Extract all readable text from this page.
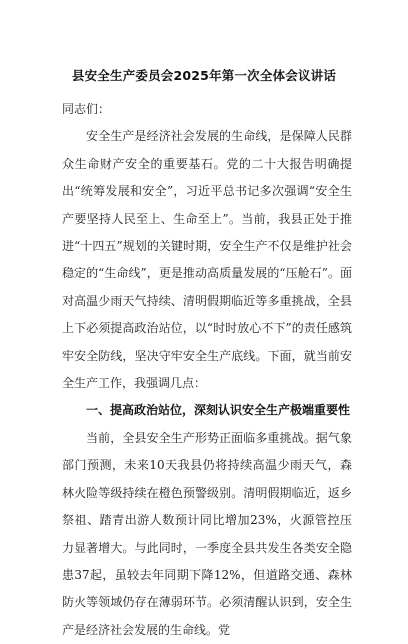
县安全生产委员会2025年第一次全体会议讲话

同志们：

安全生产是经济社会发展的生命线，是保障人民群众生命财产安全的重要基石。党的二十大报告明确提出“统筹发展和安全”，习近平总书记多次强调“安全生产要坚持人民至上、生命至上”。当前，我县正处于推进“十四五”规划的关键时期，安全生产不仅是维护社会稳定的“生命线”，更是推动高质量发展的“压舱石”。面对高温少雨天气持续、清明假期临近等多重挑战，全县上下必须提高政治站位，以“时时放心不下”的责任感筑牢安全防线，坚决守牢安全生产底线。下面，就当前安全生产工作，我强调几点：

一、提高政治站位，深刻认识安全生产极端重要性

当前，全县安全生产形势正面临多重挑战。据气象部门预测，未来10天我县仍将持续高温少雨天气，森林火险等级持续在橙色预警级别。清明假期临近，返乡祭祖、踏青出游人数预计同比增加23%，火源管控压力显著增大。与此同时，一季度全县共发生各类安全隐患37起，虽较去年同期下降12%，但道路交通、森林防火等领域仍存在薄弱环节。必须清醒认识到，安全生产是经济社会发展的生命线。党
